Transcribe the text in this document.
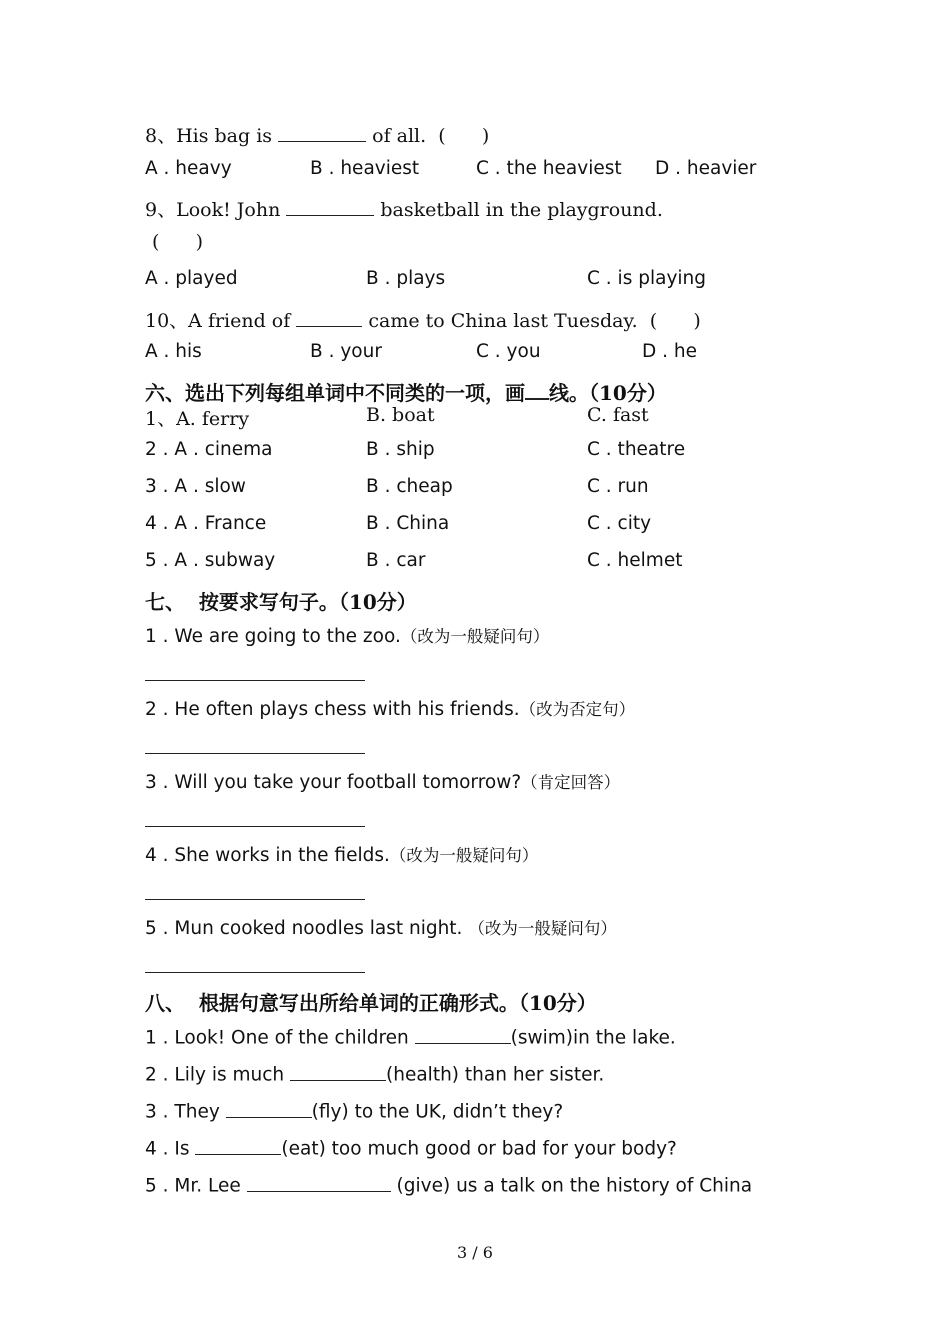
8、His bag is	of all.  (      )
A . heavy	B . heaviest	C . the heaviest D . heavier
9、Look! John	basketball in the playground.
(      )
A . played	B . plays	C . is playing
10、A friend of	came to China last Tuesday.  (      )
A . his	B . your	C . you	D . he
六、选出下列每组单词中不同类的一项，画 线。（10分）
1、A. ferry	B. boat	C. fast
2 . A . cinema	B . ship	C . theatre
3 . A . slow	B . cheap	C . run
4 . A . France	B . China	C . city
5 . A . subway	B . car	C . helmet
七、  按要求写句子。（10分）
1 . We are going to the zoo.（改为一般疑问句）
2 . He often plays chess with his friends.（改为否定句）
3 . Will you take your football tomorrow?（肯定回答）
4 . She works in the fields.（改为一般疑问句）
5 . Mun cooked noodles last night. （改为一般疑问句）
八、  根据句意写出所给单词的正确形式。（10分）
1 . Look! One of the children	(swim)in the lake.
2 . Lily is much	(health) than her sister.
3 . They	(fly) to the UK, didn’t they?
4 . Is	(eat) too much good or bad for your body?
5 . Mr. Lee	(give) us a talk on the history of China
3 / 6
